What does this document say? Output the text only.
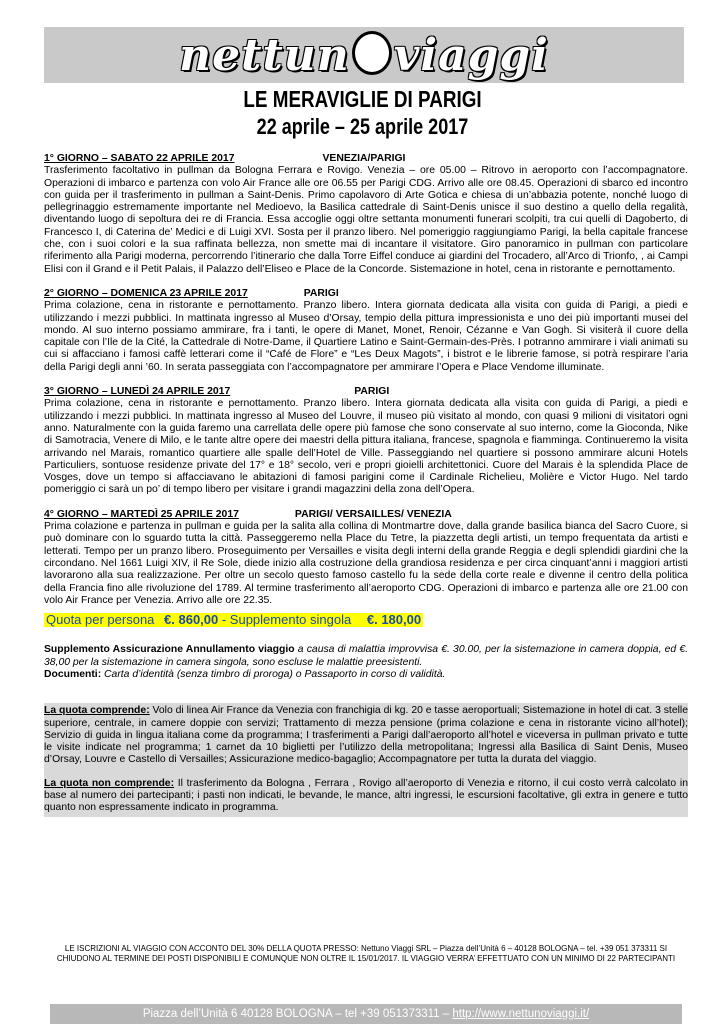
nettun viaggi
LE MERAVIGLIE DI PARIGI
22 aprile – 25 aprile 2017

1° GIORNO – SABATO 22 APRILE 2017	VENEZIA/PARIGI

Trasferimento facoltativo in pullman da Bologna Ferrara e Rovigo. Venezia – ore 05.00 – Ritrovo in aeroporto con l’accompagnatore. Operazioni di imbarco e partenza con volo Air France alle ore 06.55 per Parigi CDG. Arrivo alle ore 08.45. Operazioni di sbarco ed incontro con guida per il trasferimento in pullman a Saint-Denis. Primo capolavoro di Arte Gotica e chiesa di un’abbazia potente, nonché luogo di pellegrinaggio estremamente importante nel Medioevo, la Basilica cattedrale di Saint-Denis unisce il suo destino a quello della regalità, diventando luogo di sepoltura dei re di Francia. Essa accoglie oggi oltre settanta monumenti funerari scolpiti, tra cui quelli di Dagoberto, di Francesco I, di Caterina de’ Medici e di Luigi XVI. Sosta per il pranzo libero. Nel pomeriggio raggiungiamo Parigi, la bella capitale francese che, con i suoi colori e la sua raffinata bellezza, non smette mai di incantare il visitatore. Giro panoramico in pullman con particolare riferimento alla Parigi moderna, percorrendo l’itinerario che dalla Torre Eiffel conduce ai giardini del Trocadero, all’Arco di Trionfo, , ai Campi Elisi con il Grand e il Petit Palais, il Palazzo dell’Eliseo e Place de la Concorde. Sistemazione in hotel, cena in ristorante e pernottamento.

2° GIORNO – DOMENICA 23 APRILE 2017	PARIGI

Prima colazione, cena in ristorante e pernottamento. Pranzo libero. Intera giornata dedicata alla visita con guida di Parigi, a piedi e utilizzando i mezzi pubblici. In mattinata ingresso al Museo d’Orsay, tempio della pittura impressionista e uno dei più importanti musei del mondo. Al suo interno possiamo ammirare, fra i tanti, le opere di Manet, Monet, Renoir, Cézanne e Van Gogh. Si visiterà il cuore della capitale con l’Ile de la Cité, la Cattedrale di Notre-Dame, il Quartiere Latino e Saint-Germain-des-Près. I potranno ammirare i viali animati su cui si affacciano i famosi caffè letterari come il “Café de Flore” e “Les Deux Magots”, i bistrot e le librerie famose, si potrà respirare l’aria della Parigi degli anni ’60. In serata passeggiata con l’accompagnatore per ammirare l’Opera e Place Vendome illuminate.

3° GIORNO – LUNEDÌ 24 APRILE 2017	PARIGI

Prima colazione, cena in ristorante e pernottamento. Pranzo libero. Intera giornata dedicata alla visita con guida di Parigi, a piedi e utilizzando i mezzi pubblici. In mattinata ingresso al Museo del Louvre, il museo più visitato al mondo, con quasi 9 milioni di visitatori ogni anno. Naturalmente con la guida faremo una carrellata delle opere più famose che sono conservate al suo interno, come la Gioconda, Nike di Samotracia, Venere di Milo, e le tante altre opere dei maestri della pittura italiana, francese, spagnola e fiamminga. Continueremo la visita arrivando nel Marais, romantico quartiere alle spalle dell’Hotel de Ville. Passeggiando nel quartiere si possono ammirare alcuni Hotels Particuliers, sontuose residenze private del 17° e 18° secolo, veri e propri gioielli architettonici. Cuore del Marais è la splendida Place de Vosges, dove un tempo si affacciavano le abitazioni di famosi parigini come il Cardinale Richelieu, Molière e Victor Hugo. Nel tardo pomeriggio ci sarà un po’ di tempo libero per visitare i grandi magazzini della zona dell’Opera.

4° GIORNO – MARTEDÌ 25 APRILE 2017	PARIGI/ VERSAILLES/ VENEZIA

Prima colazione e partenza in pullman e guida per la salita alla collina di Montmartre dove, dalla grande basilica bianca del Sacro Cuore, si può dominare con lo sguardo tutta la città. Passeggeremo nella Place du Tetre, la piazzetta degli artisti, un tempo frequentata da artisti e letterati. Tempo per un pranzo libero. Proseguimento per Versailles e visita degli interni della grande Reggia e degli splendidi giardini che la circondano. Nel 1661 Luigi XIV, il Re Sole, diede inizio alla costruzione della grandiosa residenza e per circa cinquant’anni i maggiori artisti lavorarono alla sua realizzazione. Per oltre un secolo questo famoso castello fu la sede della corte reale e divenne il centro della politica della Francia fino alle rivoluzione del 1789. Al termine trasferimento all’aeroporto CDG. Operazioni di imbarco e partenza alle ore 21.00 con volo Air France per Venezia. Arrivo alle ore 22.35.

Quota per persona €. 860,00 - Supplemento singola €. 180,00

Supplemento Assicurazione Annullamento viaggio a causa di malattia improvvisa €. 30.00, per la sistemazione in camera doppia, ed €. 38,00 per la sistemazione in camera singola, sono escluse le malattie preesistenti.

Documenti: Carta d’identità (senza timbro di proroga) o Passaporto in corso di validità.

La quota comprende: Volo di linea Air France da Venezia con franchigia di kg. 20 e tasse aeroportuali; Sistemazione in hotel di cat. 3 stelle superiore, centrale, in camere doppie con servizi; Trattamento di mezza pensione (prima colazione e cena in ristorante vicino all’hotel); Servizio di guida in lingua italiana come da programma; I trasferimenti a Parigi dall’aeroporto all’hotel e viceversa in pullman privato e tutte le visite indicate nel programma; 1 carnet da 10 biglietti per l’utilizzo della metropolitana; Ingressi alla Basilica di Saint Denis, Museo d’Orsay, Louvre e Castello di Versailles; Assicurazione medico-bagaglio; Accompagnatore per tutta la durata del viaggio.

La quota non comprende: Il trasferimento da Bologna , Ferrara , Rovigo all’aeroporto di Venezia e ritorno, il cui costo verrà calcolato in base al numero dei partecipanti; i pasti non indicati, le bevande, le mance, altri ingressi, le escursioni facoltative, gli extra in genere e tutto quanto non espressamente indicato in programma.

LE ISCRIZIONI AL VIAGGIO CON ACCONTO DEL 30% DELLA QUOTA PRESSO: Nettuno Viaggi SRL – Piazza dell’Unità 6 – 40128 BOLOGNA – tel. +39 051 373311 SI CHIUDONO AL TERMINE DEI POSTI DISPONIBILI E COMUNQUE NON OLTRE IL 15/01/2017. IL VIAGGIO VERRA’ EFFETTUATO CON UN MINIMO DI 22 PARTECIPANTI
Piazza dell’Unità 6 40128 BOLOGNA – tel +39 051373311 – http://www.nettunoviaggi.it/
